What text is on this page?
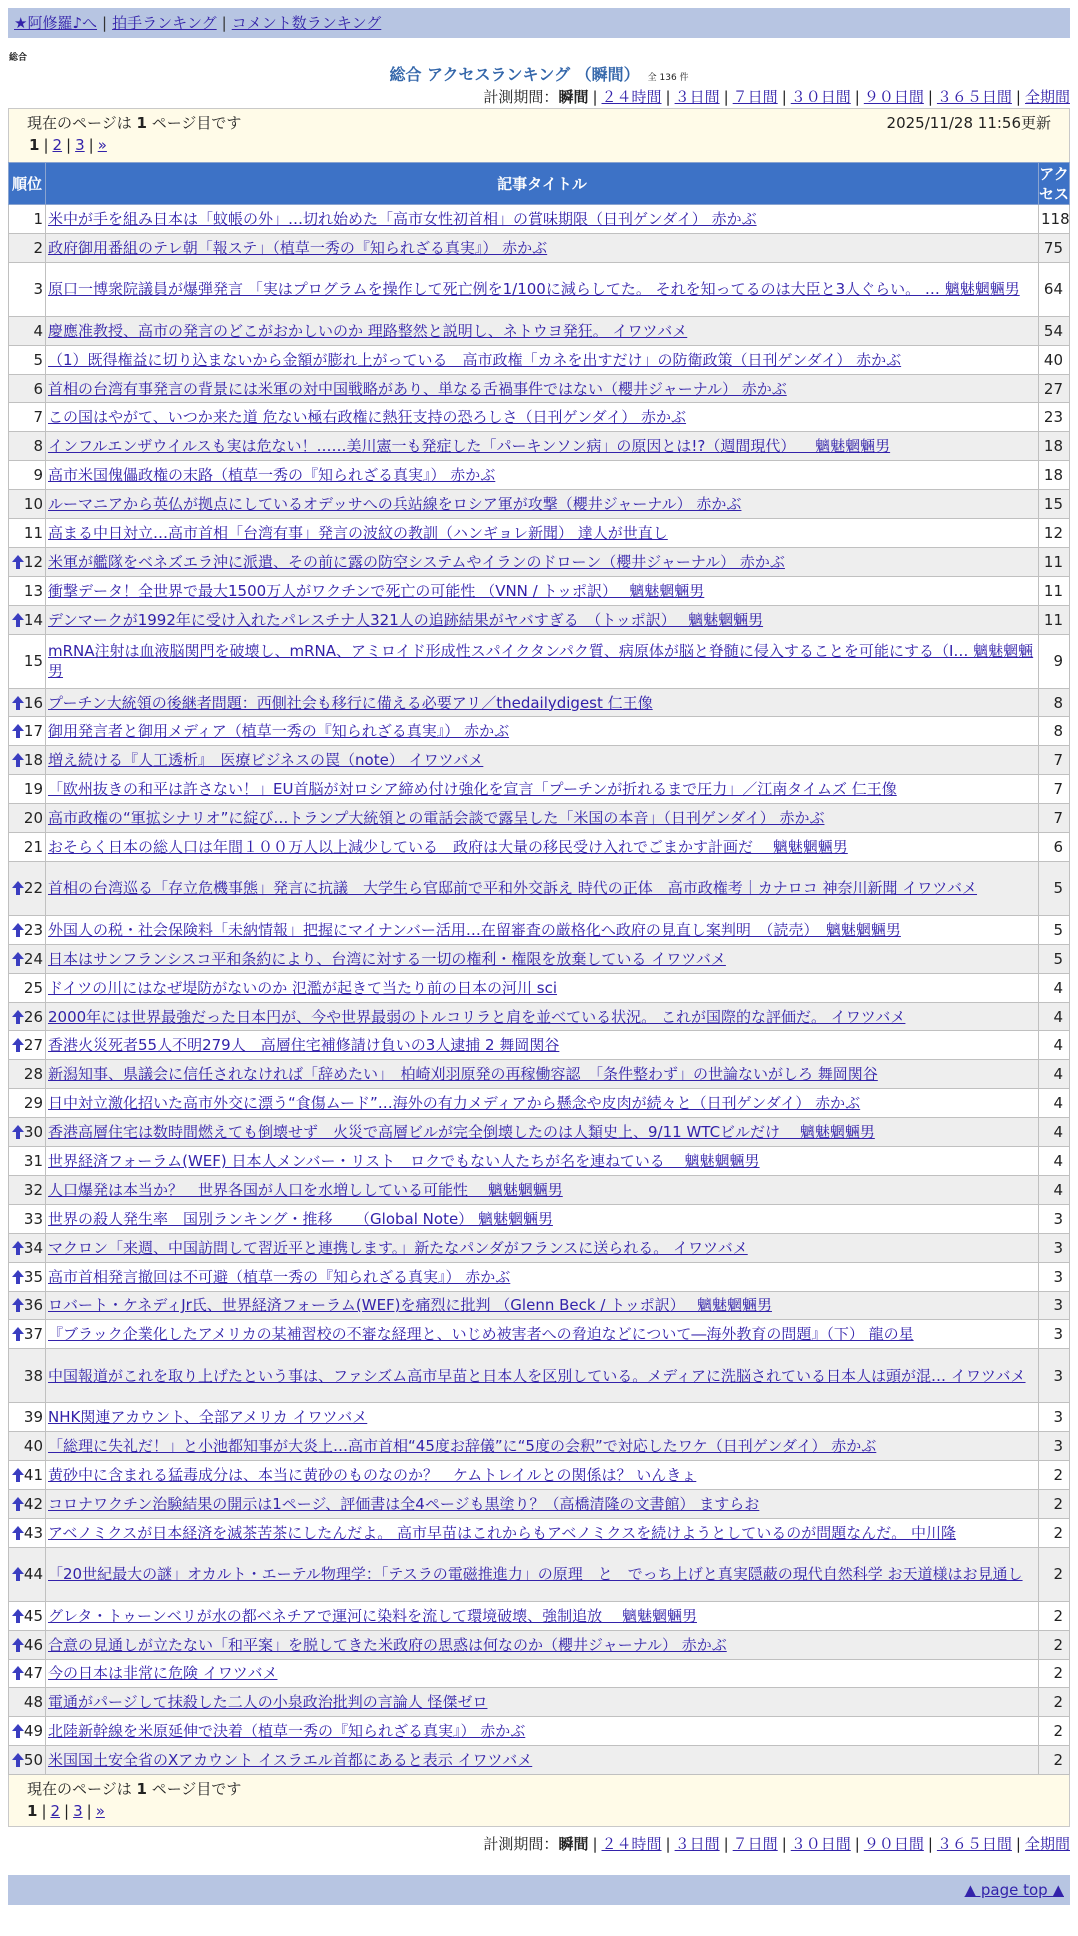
★阿修羅♪へ | 拍手ランキング | コメント数ランキング
総合
総合 アクセスランキング （瞬間） 全 136 件
計測期間：瞬間 | ２４時間 | ３日間 | ７日間 | ３０日間 | ９０日間 | ３６５日間 | 全期間
現在のページは 1 ページ目です	2025/11/28 11:56更新
1 | 2 | 3 | »
順位	記事タイトル	アクセス
1	米中が手を組み日本は「蚊帳の外」…切れ始めた「高市女性初首相」の賞味期限（日刊ゲンダイ） 赤かぶ	118
2	政府御用番組のテレ朝「報ステ」（植草一秀の『知られざる真実』） 赤かぶ	75
3	原口一博衆院議員が爆弾発言 「実はプログラムを操作して死亡例を1/100に減らしてた。 それを知ってるのは大臣と3人ぐらい。 … 魑魅魍魎男	64
4	慶應准教授、高市の発言のどこがおかしいのか 理路整然と説明し、ネトウヨ発狂。 イワツバメ	54
5	（1）既得権益に切り込まないから金額が膨れ上がっている　高市政権「カネを出すだけ」の防衛政策（日刊ゲンダイ） 赤かぶ	40
6	首相の台湾有事発言の背景には米軍の対中国戦略があり、単なる舌禍事件ではない（櫻井ジャーナル） 赤かぶ	27
7	この国はやがて、いつか来た道 危ない極右政権に熱狂支持の恐ろしさ（日刊ゲンダイ） 赤かぶ	23
8	インフルエンザウイルスも実は危ない！……美川憲一も発症した「パーキンソン病」の原因とは!?（週間現代） 　魑魅魍魎男	18
9	高市米国傀儡政権の末路（植草一秀の『知られざる真実』） 赤かぶ	18
10	ルーマニアから英仏が拠点にしているオデッサへの兵站線をロシア軍が攻撃（櫻井ジャーナル） 赤かぶ	15
11	高まる中日対立…高市首相「台湾有事」発言の波紋の教訓（ハンギョレ新聞） 達人が世直し	12

12	米軍が艦隊をベネズエラ沖に派遣、その前に露の防空システムやイランのドローン（櫻井ジャーナル） 赤かぶ	11
13	衝撃データ！全世界で最大1500万人がワクチンで死亡の可能性 （VNN / トッポ訳）　 魑魅魍魎男	11

14	デンマークが1992年に受け入れたパレスチナ人321人の追跡結果がヤバすぎる　（トッポ訳）　 魑魅魍魎男	11
15	mRNA注射は血液脳関門を破壊し、mRNA、アミロイド形成性スパイクタンパク質、病原体が脳と脊髄に侵入することを可能にする（I… 魑魅魍魎男	9

16	プーチン大統領の後継者問題：西側社会も移行に備える必要アリ／thedailydigest 仁王像	8

17	御用発言者と御用メディア（植草一秀の『知られざる真実』） 赤かぶ	8

18	増え続ける『人工透析』　医療ビジネスの罠（note） イワツバメ	7
19	「欧州抜きの和平は許さない！」EU首脳が対ロシア締め付け強化を宣言「プーチンが折れるまで圧力」／江南タイムズ 仁王像	7
20	高市政権の“軍拡シナリオ”に綻び…トランプ大統領との電話会談で露呈した「米国の本音」（日刊ゲンダイ） 赤かぶ	7
21	おそらく日本の総人口は年間１００万人以上減少している　政府は大量の移民受け入れでごまかす計画だ　 魑魅魍魎男	6

22	首相の台湾巡る「存立危機事態」発言に抗議　大学生ら官邸前で平和外交訴え 時代の正体　高市政権考｜カナロコ 神奈川新聞 イワツバメ	5

23	外国人の税・社会保険料「未納情報」把握にマイナンバー活用…在留審査の厳格化へ政府の見直し案判明　（読売）　魑魅魍魎男	5

24	日本はサンフランシスコ平和条約により、台湾に対する一切の権利・権限を放棄している イワツバメ	5
25	ドイツの川にはなぜ堤防がないのか 氾濫が起きて当たり前の日本の河川 sci	4

26	2000年には世界最強だった日本円が、今や世界最弱のトルコリラと肩を並べている状況。 これが国際的な評価だ。 イワツバメ	4

27	香港火災死者55人不明279人　高層住宅補修請け負いの3人逮捕 2 舞岡関谷	4
28	新潟知事、県議会に信任されなければ「辞めたい」　柏崎刈羽原発の再稼働容認　「条件整わず」の世論ないがしろ 舞岡関谷	4
29	日中対立激化招いた高市外交に漂う“食傷ムード”…海外の有力メディアから懸念や皮肉が続々と（日刊ゲンダイ） 赤かぶ	4

30	香港高層住宅は数時間燃えても倒壊せず　火災で高層ビルが完全倒壊したのは人類史上、9/11 WTCビルだけ　 魑魅魍魎男	4
31	世界経済フォーラム(WEF) 日本人メンバー・リスト　ロクでもない人たちが名を連ねている　 魑魅魍魎男	4
32	人口爆発は本当か？　世界各国が人口を水増ししている可能性　 魑魅魍魎男	4
33	世界の殺人発生率　国別ランキング・推移　　（Global Note） 魑魅魍魎男	3

34	マクロン「来週、中国訪問して習近平と連携します。」新たなパンダがフランスに送られる。 イワツバメ	3

35	高市首相発言撤回は不可避（植草一秀の『知られざる真実』） 赤かぶ	3

36	ロバート・ケネディJr氏、世界経済フォーラム(WEF)を痛烈に批判 （Glenn Beck / トッポ訳）　 魑魅魍魎男	3

37	『ブラック企業化したアメリカの某補習校の不審な経理と、いじめ被害者への脅迫などについて―海外教育の問題』（下） 龍の星	3
38	中国報道がこれを取り上げたという事は、ファシズム高市早苗と日本人を区別している。メディアに洗脳されている日本人は頭が混… イワツバメ	3
39	NHK関連アカウント、全部アメリカ イワツバメ	3
40	「総理に失礼だ！」と小池都知事が大炎上…高市首相“45度お辞儀”に“5度の会釈”で対応したワケ（日刊ゲンダイ） 赤かぶ	3

41	黄砂中に含まれる猛毒成分は、本当に黄砂のものなのか？　ケムトレイルとの関係は？ いんきょ	2

42	コロナワクチン治験結果の開示は1ページ、評価書は全4ページも黒塗り？（高橋清隆の文書館） ますらお	2

43	アベノミクスが日本経済を滅茶苦茶にしたんだよ。 高市早苗はこれからもアベノミクスを続けようとしているのが問題なんだ。 中川隆	2

44	「20世紀最大の謎」オカルト・エーテル物理学：「テスラの電磁推進力」の原理　と　でっち上げと真実隠蔽の現代自然科学 お天道様はお見通し	2

45	グレタ・トゥーンベリが水の都ベネチアで運河に染料を流して環境破壊、強制追放　 魑魅魍魎男	2

46	合意の見通しが立たない「和平案」を脱してきた米政府の思惑は何なのか（櫻井ジャーナル） 赤かぶ	2

47	今の日本は非常に危険 イワツバメ	2
48	電通がパージして抹殺した二人の小泉政治批判の言論人 怪傑ゼロ	2

49	北陸新幹線を米原延伸で決着（植草一秀の『知られざる真実』） 赤かぶ	2

50	米国国土安全省のXアカウント イスラエル首都にあると表示 イワツバメ	2
現在のページは 1 ページ目です
1 | 2 | 3 | »
計測期間：瞬間 | ２４時間 | ３日間 | ７日間 | ３０日間 | ９０日間 | ３６５日間 | 全期間
▲ page top ▲
